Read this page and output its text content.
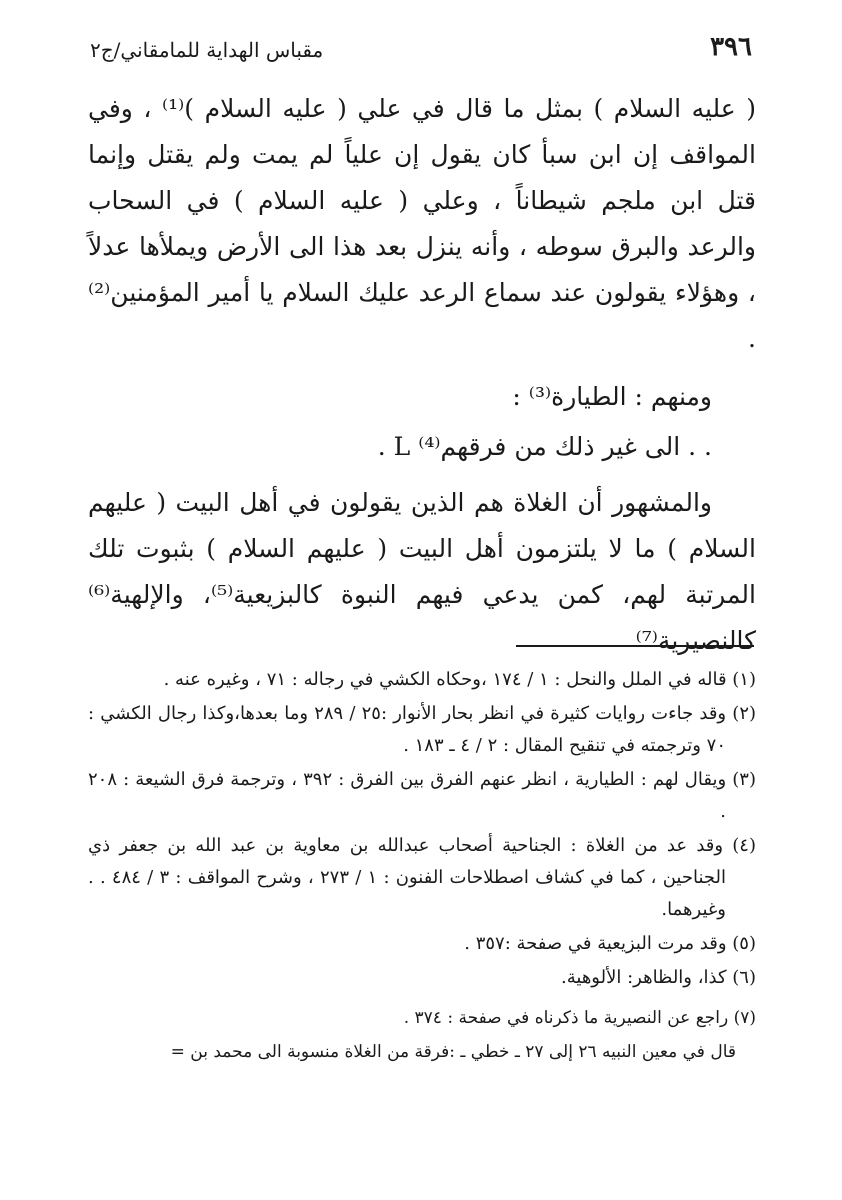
٣٩٦
مقباس الهداية للمامقاني/ج٢

( عليه السلام ) بمثل ما قال في علي ( عليه السلام )⁽¹⁾ ، وفي المواقف إن ابن سبأ كان يقول إن علياً لم يمت ولم يقتل وإنما قتل ابن ملجم شيطاناً ، وعلي ( عليه السلام ) في السحاب والرعد والبرق سوطه ، وأنه ينزل بعد هذا الى الأرض ويملأها عدلاً ، وهؤلاء يقولون عند سماع الرعد عليك السلام يا أمير المؤمنين⁽²⁾ .

ومنهم : الطيارة⁽³⁾ :

. . الى غير ذلك من فرقهم⁽⁴⁾ L .

والمشهور أن الغلاة هم الذين يقولون في أهل البيت ( عليهم السلام ) ما لا يلتزمون أهل البيت ( عليهم السلام ) بثبوت تلك المرتبة لهم، كمن يدعي فيهم النبوة كالبزيعية⁽⁵⁾، والإلهية⁽⁶⁾ كالنصيرية⁽⁷⁾

(١) قاله في الملل والنحل : ١ / ١٧٤ ،وحكاه الكشي في رجاله : ٧١ ، وغيره عنه .

(٢) وقد جاءت روايات كثيرة في انظر بحار الأنوار :٢٥ / ٢٨٩ وما بعدها،وكذا رجال الكشي : ٧٠ وترجمته في تنقيح المقال : ٢ / ٤ ـ ١٨٣ .

(٣) ويقال لهم : الطيارية ، انظر عنهم الفرق بين الفرق : ٣٩٢ ، وترجمة فرق الشيعة : ٢٠٨ .

(٤) وقد عد من الغلاة : الجناحية أصحاب عبدالله بن معاوية بن عبد الله بن جعفر ذي الجناحين ، كما في كشاف اصطلاحات الفنون : ١ / ٢٧٣ ، وشرح المواقف : ٣ / ٤٨٤ . . وغيرهما.

(٥) وقد مرت البزيعية في صفحة :٣٥٧ .

(٦) كذا، والظاهر: الألوهية.

(٧) راجع عن النصيرية ما ذكرناه في صفحة : ٣٧٤ .

قال في معين النبيه ٢٦ إلى ٢٧ ـ خطي ـ :فرقة من الغلاة منسوبة الى محمد بن =
